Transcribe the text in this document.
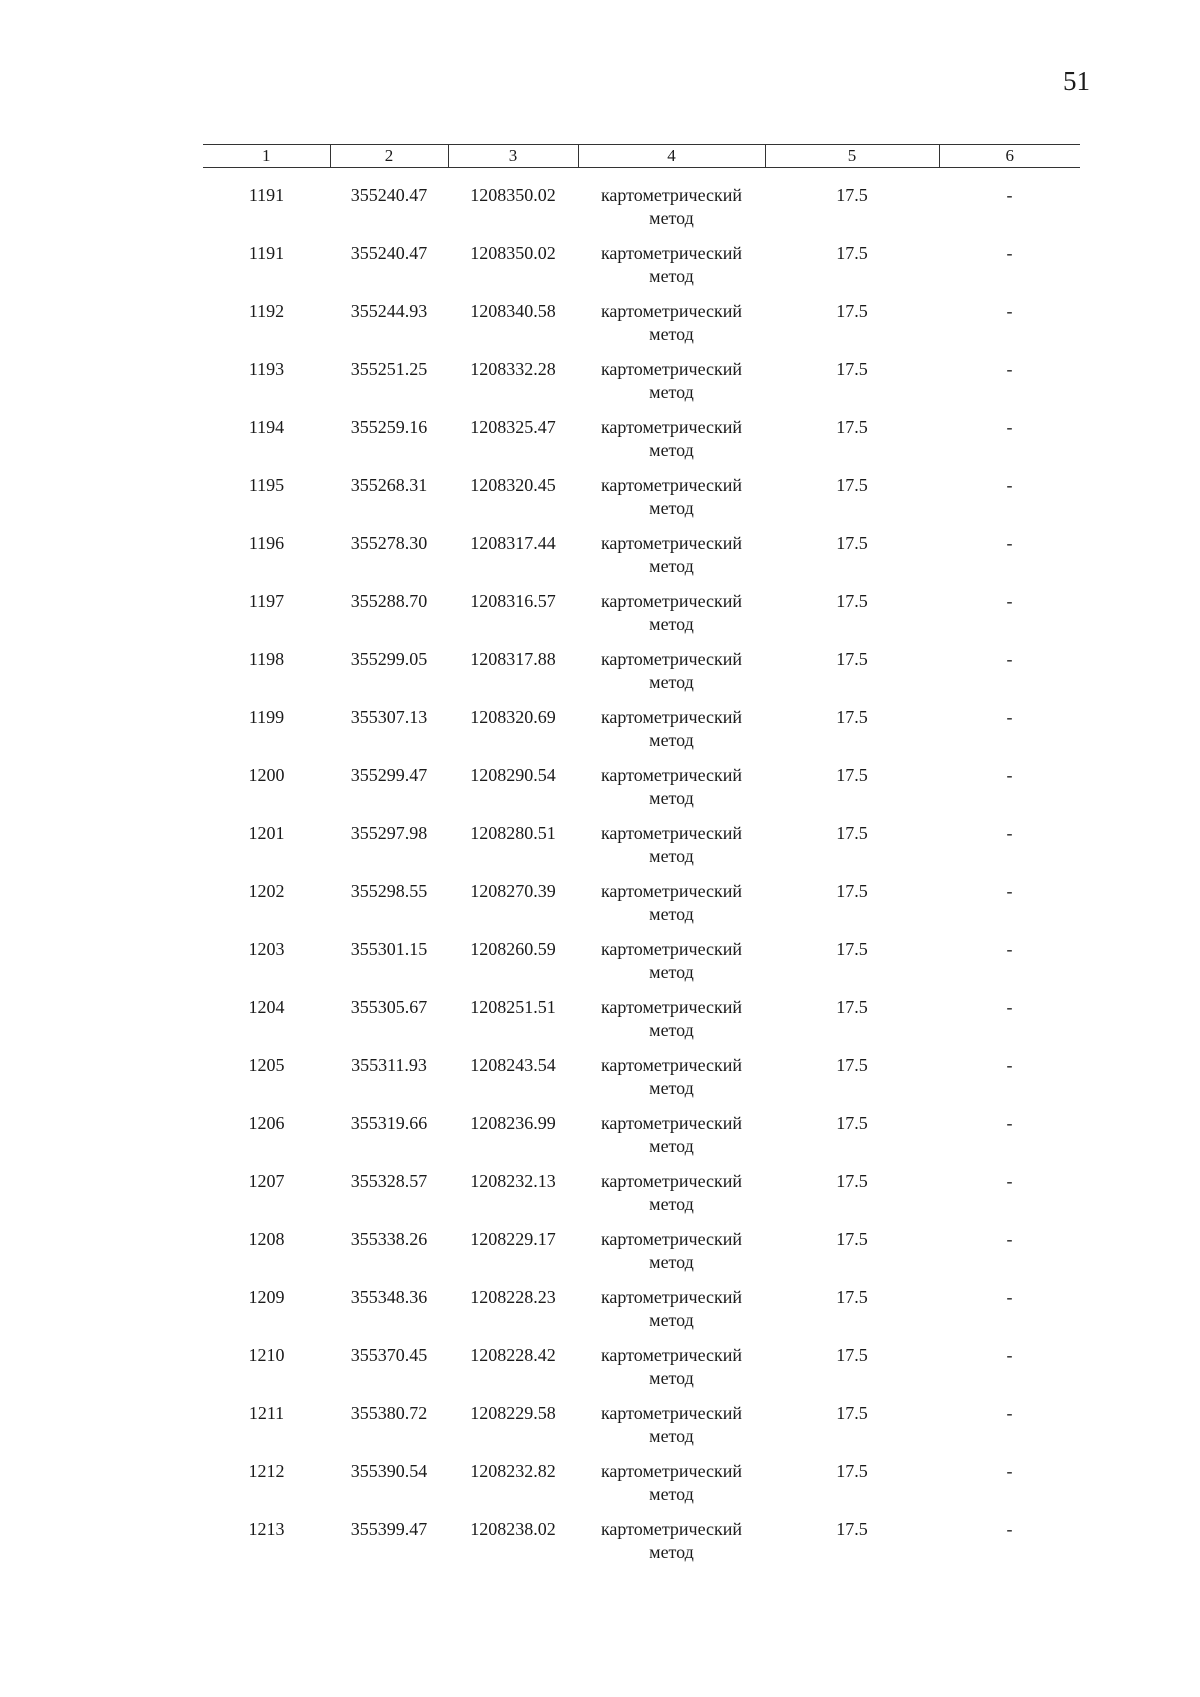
51
1	2	3	4	5	6
1191	355240.47	1208350.02	картометрический метод	17.5	-
1191	355240.47	1208350.02	картометрический метод	17.5	-
1192	355244.93	1208340.58	картометрический метод	17.5	-
1193	355251.25	1208332.28	картометрический метод	17.5	-
1194	355259.16	1208325.47	картометрический метод	17.5	-
1195	355268.31	1208320.45	картометрический метод	17.5	-
1196	355278.30	1208317.44	картометрический метод	17.5	-
1197	355288.70	1208316.57	картометрический метод	17.5	-
1198	355299.05	1208317.88	картометрический метод	17.5	-
1199	355307.13	1208320.69	картометрический метод	17.5	-
1200	355299.47	1208290.54	картометрический метод	17.5	-
1201	355297.98	1208280.51	картометрический метод	17.5	-
1202	355298.55	1208270.39	картометрический метод	17.5	-
1203	355301.15	1208260.59	картометрический метод	17.5	-
1204	355305.67	1208251.51	картометрический метод	17.5	-
1205	355311.93	1208243.54	картометрический метод	17.5	-
1206	355319.66	1208236.99	картометрический метод	17.5	-
1207	355328.57	1208232.13	картометрический метод	17.5	-
1208	355338.26	1208229.17	картометрический метод	17.5	-
1209	355348.36	1208228.23	картометрический метод	17.5	-
1210	355370.45	1208228.42	картометрический метод	17.5	-
1211	355380.72	1208229.58	картометрический метод	17.5	-
1212	355390.54	1208232.82	картометрический метод	17.5	-
1213	355399.47	1208238.02	картометрический метод	17.5	-
